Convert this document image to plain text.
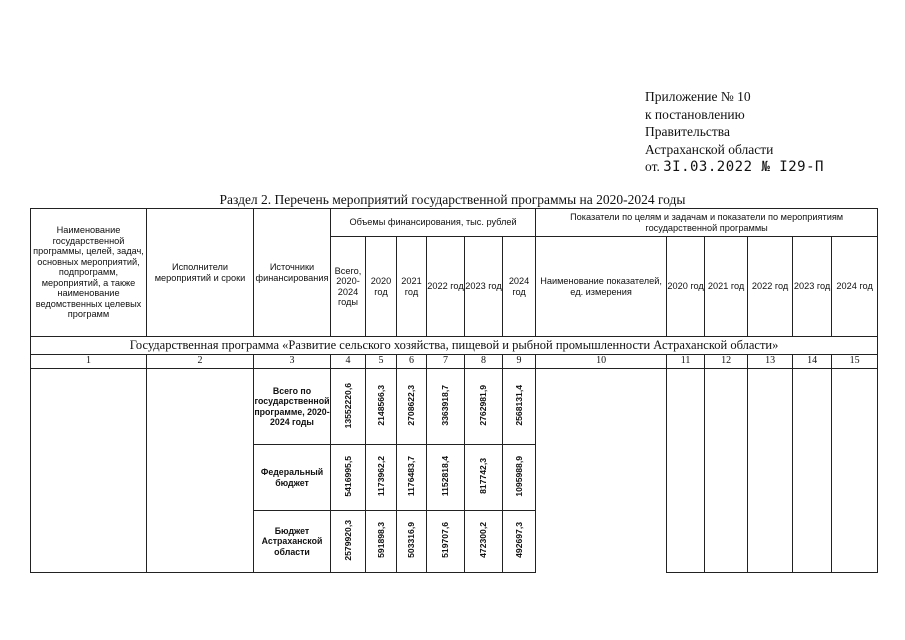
Приложение № 10
к постановлению
Правительства
Астраханской области
от. 3I.03.2022 № I29-П
Раздел 2. Перечень мероприятий государственной программы на 2020-2024 годы
Наименование государственной программы, целей, задач, основных мероприятий, подпрограмм, мероприятий, а также наименование ведомственных целевых программ	Исполнители мероприятий и сроки	Источники финансирования	Объемы финансирования, тыс. рублей						Показатели по целям и задачам и показатели по мероприятиям государственной программы					
			Всего, 2020-2024 годы	2020 год	2021 год	2022 год	2023 год	2024 год	Наименование показателей, ед. измерения	2020 год	2021 год	2022 год	2023 год	2024 год
Государственная программа «Развитие сельского хозяйства, пищевой и рыбной промышленности Астраханской области»														
1	2	3	4	5	6	7	8	9	10	11	12	13	14	15
		Всего по государственной программе, 2020-2024 годы	13552220,6	2148566,3	2708622,3	3363918,7	2762981,9	2568131,4						
		Федеральный бюджет	5416995,5	1173962,2	1176483,7	1152818,4	817742,3	1095988,9						
		Бюджет Астраханской области	2579920,3	591898,3	503316,9	519707,6	472300,2	492697,3						
